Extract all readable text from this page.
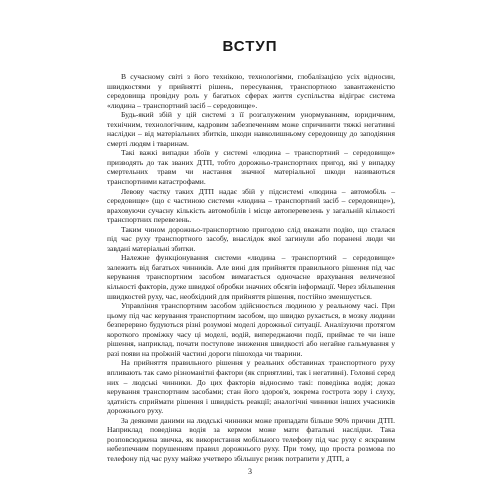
ВСТУП

В сучасному світі з його технікою, технологіями, глобалізацією усіх відносин, швидкостями у прийнятті рішень, пересування, транспортною завантаженістю середовища провідну роль у багатьох сферах життя суспільства відіграє система «людина – транспортний засіб – середовище».

Будь-який збій у цій системі з її розгалуженим унормуванням, юридичним, технічним, технологічним, кадровим забезпеченням може спричинити тяжкі негативні наслідки – від матеріальних збитків, шкоди навколишньому середовищу до заподіяння смерті людям і тваринам.

Такі важкі випадки збоїв у системі «людина – транспортний – середовище» призводять до так званих ДТП, тобто дорожньо-транспортних пригод, які у випадку смертельних травм чи настання значної матеріальної шкоди називаються транспортними катастрофами.

Левову частку таких ДТП надає збій у підсистемі «людина – автомобіль – середовище» (що є частиною системи «людина – транспортний засіб – середовище»), враховуючи сучасну кількість автомобілів і місце автоперевезень у загальній кількості транспортних перевезень.

Таким чином дорожньо-транспортною пригодою слід вважати подію, що сталася під час руху транспортного засобу, внаслідок якої загинули або поранені люди чи завдані матеріальні збитки.

Належне функціонування системи «людина – транспортний – середовище» залежить від багатьох чинників. Але вині для прийняття правильного рішення під час керування транспортним засобом вимагається одночасне врахування величезної кількості факторів, дуже швидкої обробки значних обсягів інформації. Через збільшення швидкостей руху, час, необхідний для прийняття рішення, постійно зменшується.

Управління транспортним засобом здійснюється людиною у реальному часі. При цьому під час керування транспортним засобом, що швидко рухається, в мозку людини безперервно будуються різні розумові моделі дорожньої ситуації. Аналізуючи протягом короткого проміжку часу ці моделі, водій, випереджаючи події, приймає те чи інше рішення, наприклад, почати поступове зниження швидкості або негайне гальмування у разі появи на проїжній частині дороги пішохода чи тварини.

На прийняття правильного рішення у реальних обставинах транспортного руху впливають так само різноманітні фактори (як сприятливі, так і негативні). Головні серед них – людські чинники. До цих факторів відносимо такі: поведінка водія; доказ керування транспортним засобами; стан його здоров'я, зокрема гострота зору і слуху, здатність сприймати рішення і швидкість реакції; аналогічні чинники інших учасників дорожнього руху.

За деякими даними на людські чинники може припадати більше 90% причин ДТП. Наприклад поведінка водія за кермом може мати фатальні наслідки. Така розповсюджена звичка, як використання мобільного телефону під час руху є яскравим небезпечним порушенням правил дорожнього руху. При тому, що проста розмова по телефону під час руху майже учетверо збільшує ризик потрапити у ДТП, а

3
